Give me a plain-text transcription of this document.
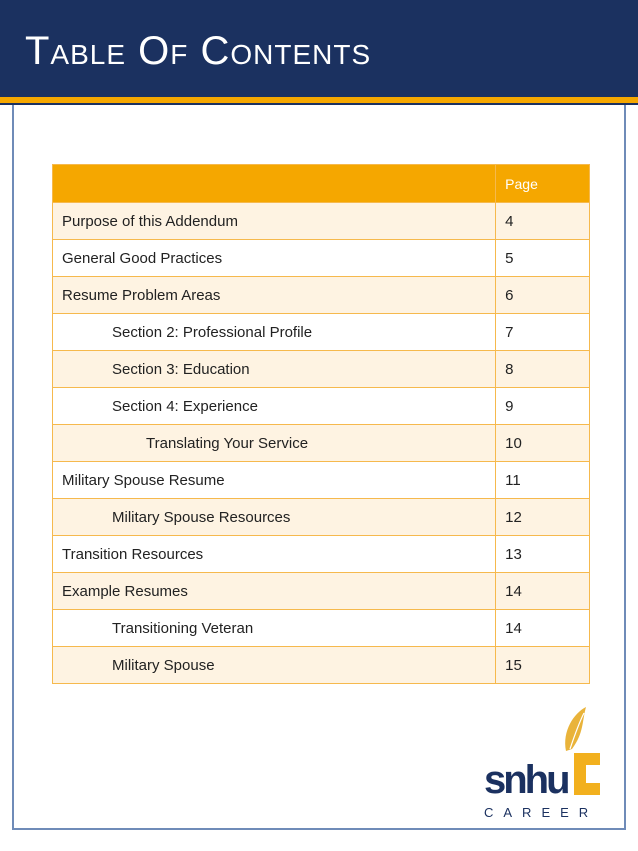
Table Of Contents
	Page
Purpose of this Addendum	4
General Good Practices	5
Resume Problem Areas	6
Section 2: Professional Profile	7
Section 3: Education	8
Section 4: Experience	9
Translating Your Service	10
Military Spouse Resume	11
Military Spouse Resources	12
Transition Resources	13
Example Resumes	14
Transitioning Veteran	14
Military Spouse	15
snhu
CAREER
